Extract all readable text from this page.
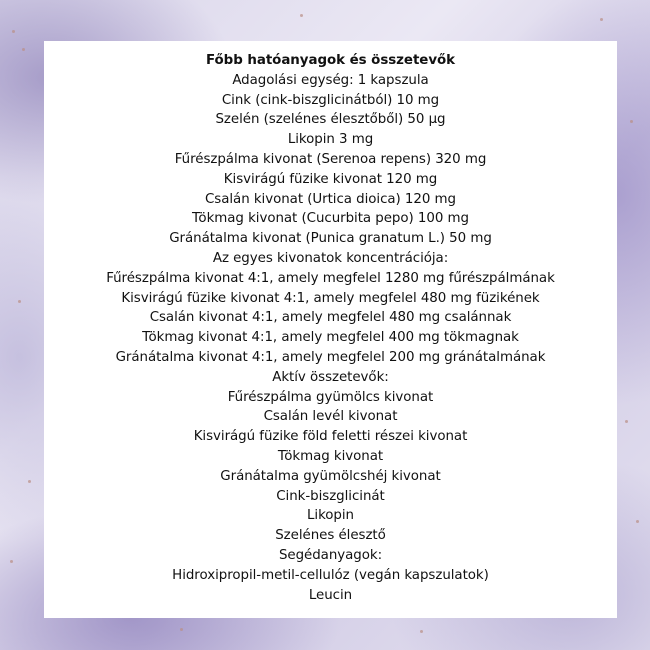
Főbb hatóanyagok és összetevők
Adagolási egység: 1 kapszula
Cink (cink-biszglicinátból) 10 mg
Szelén (szelénes élesztőből) 50 µg
Likopin 3 mg
Fűrészpálma kivonat (Serenoa repens) 320 mg
Kisvirágú füzike kivonat 120 mg
Csalán kivonat (Urtica dioica) 120 mg
Tökmag kivonat (Cucurbita pepo) 100 mg
Gránátalma kivonat (Punica granatum L.) 50 mg
Az egyes kivonatok koncentrációja:
Fűrészpálma kivonat 4:1, amely megfelel 1280 mg fűrészpálmának
Kisvirágú füzike kivonat 4:1, amely megfelel 480 mg füzikének
Csalán kivonat 4:1, amely megfelel 480 mg csalánnak
Tökmag kivonat 4:1, amely megfelel 400 mg tökmagnak
Gránátalma kivonat 4:1, amely megfelel 200 mg gránátalmának
Aktív összetevők:
Fűrészpálma gyümölcs kivonat
Csalán levél kivonat
Kisvirágú füzike föld feletti részei kivonat
Tökmag kivonat
Gránátalma gyümölcshéj kivonat
Cink-biszglicinát
Likopin
Szelénes élesztő
Segédanyagok:
Hidroxipropil-metil-cellulóz (vegán kapszulatok)
Leucin
